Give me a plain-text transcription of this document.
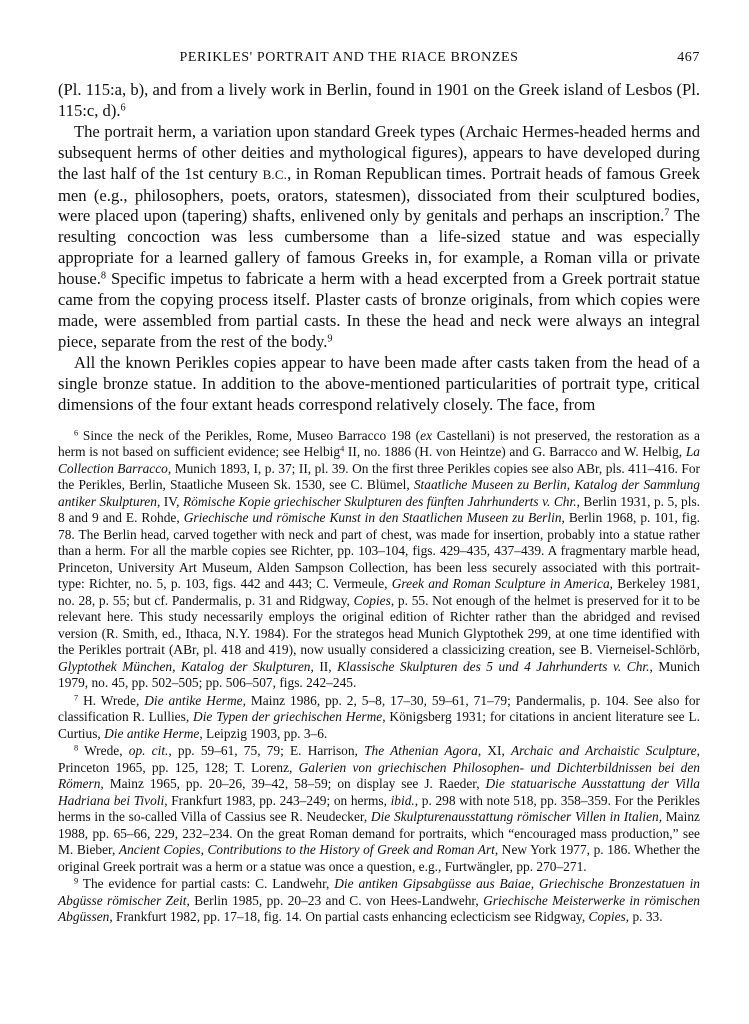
PERIKLES' PORTRAIT AND THE RIACE BRONZES	467

(Pl. 115:a, b), and from a lively work in Berlin, found in 1901 on the Greek island of Lesbos (Pl. 115:c, d).$^6$

The portrait herm, a variation upon standard Greek types (Archaic Hermes-headed herms and subsequent herms of other deities and mythological figures), appears to have developed during the last half of the 1st century B.C., in Roman Republican times. Portrait heads of famous Greek men (e.g., philosophers, poets, orators, statesmen), dissociated from their sculptured bodies, were placed upon (tapering) shafts, enlivened only by genitals and perhaps an inscription.$^7$ The resulting concoction was less cumbersome than a life-sized statue and was especially appropriate for a learned gallery of famous Greeks in, for example, a Roman villa or private house.$^8$ Specific impetus to fabricate a herm with a head excerpted from a Greek portrait statue came from the copying process itself. Plaster casts of bronze originals, from which copies were made, were assembled from partial casts. In these the head and neck were always an integral piece, separate from the rest of the body.$^9$

All the known Perikles copies appear to have been made after casts taken from the head of a single bronze statue. In addition to the above-mentioned particularities of portrait type, critical dimensions of the four extant heads correspond relatively closely. The face, from

$^6$ Since the neck of the Perikles, Rome, Museo Barracco 198 (ex Castellani) is not preserved, the restoration as a herm is not based on sufficient evidence; see Helbig$^4$ II, no. 1886 (H. von Heintze) and G. Barracco and W. Helbig, La Collection Barracco, Munich 1893, I, p. 37; II, pl. 39. On the first three Perikles copies see also ABr, pls. 411–416. For the Perikles, Berlin, Staatliche Museen Sk. 1530, see C. Blümel, Staatliche Museen zu Berlin, Katalog der Sammlung antiker Skulpturen, IV, Römische Kopie griechischer Skulpturen des fünften Jahrhunderts v. Chr., Berlin 1931, p. 5, pls. 8 and 9 and E. Rohde, Griechische und römische Kunst in den Staatlichen Museen zu Berlin, Berlin 1968, p. 101, fig. 78. The Berlin head, carved together with neck and part of chest, was made for insertion, probably into a statue rather than a herm. For all the marble copies see Richter, pp. 103–104, figs. 429–435, 437–439. A fragmentary marble head, Princeton, University Art Museum, Alden Sampson Collection, has been less securely associated with this portrait-type: Richter, no. 5, p. 103, figs. 442 and 443; C. Vermeule, Greek and Roman Sculpture in America, Berkeley 1981, no. 28, p. 55; but cf. Pandermalis, p. 31 and Ridgway, Copies, p. 55. Not enough of the helmet is preserved for it to be relevant here. This study necessarily employs the original edition of Richter rather than the abridged and revised version (R. Smith, ed., Ithaca, N.Y. 1984). For the strategos head Munich Glyptothek 299, at one time identified with the Perikles portrait (ABr, pl. 418 and 419), now usually considered a classicizing creation, see B. Vierneisel-Schlörb, Glyptothek München, Katalog der Skulpturen, II, Klassische Skulpturen des 5 und 4 Jahrhunderts v. Chr., Munich 1979, no. 45, pp. 502–505; pp. 506–507, figs. 242–245.

$^7$ H. Wrede, Die antike Herme, Mainz 1986, pp. 2, 5–8, 17–30, 59–61, 71–79; Pandermalis, p. 104. See also for classification R. Lullies, Die Typen der griechischen Herme, Königsberg 1931; for citations in ancient literature see L. Curtius, Die antike Herme, Leipzig 1903, pp. 3–6.

$^8$ Wrede, op. cit., pp. 59–61, 75, 79; E. Harrison, The Athenian Agora, XI, Archaic and Archaistic Sculpture, Princeton 1965, pp. 125, 128; T. Lorenz, Galerien von griechischen Philosophen- und Dichterbildnissen bei den Römern, Mainz 1965, pp. 20–26, 39–42, 58–59; on display see J. Raeder, Die statuarische Ausstattung der Villa Hadriana bei Tivoli, Frankfurt 1983, pp. 243–249; on herms, ibid., p. 298 with note 518, pp. 358–359. For the Perikles herms in the so-called Villa of Cassius see R. Neudecker, Die Skulpturenausstattung römischer Villen in Italien, Mainz 1988, pp. 65–66, 229, 232–234. On the great Roman demand for portraits, which “encouraged mass production,” see M. Bieber, Ancient Copies, Contributions to the History of Greek and Roman Art, New York 1977, p. 186. Whether the original Greek portrait was a herm or a statue was once a question, e.g., Furtwängler, pp. 270–271.

$^9$ The evidence for partial casts: C. Landwehr, Die antiken Gipsabgüsse aus Baiae, Griechische Bronzestatuen in Abgüsse römischer Zeit, Berlin 1985, pp. 20–23 and C. von Hees-Landwehr, Griechische Meisterwerke in römischen Abgüssen, Frankfurt 1982, pp. 17–18, fig. 14. On partial casts enhancing eclecticism see Ridgway, Copies, p. 33.
